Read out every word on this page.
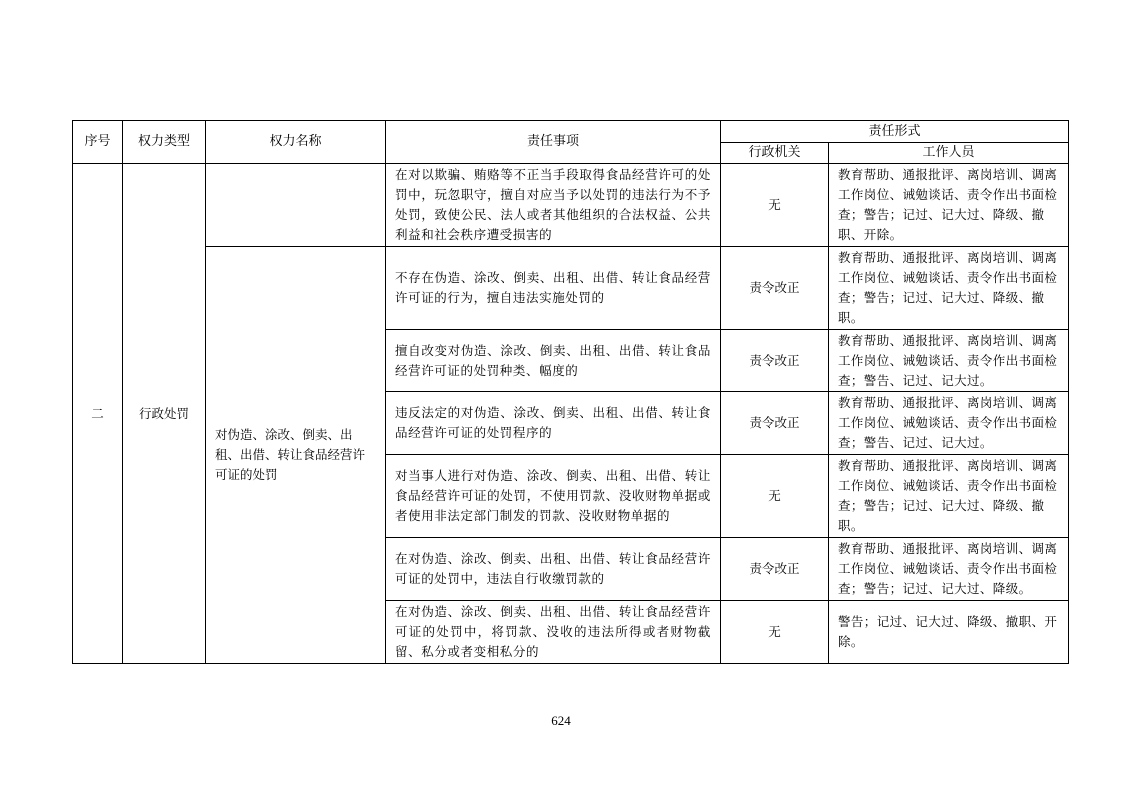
序号	权力类型	权力名称	责任事项	责任形式	
				行政机关	工作人员
二	行政处罚		在对以欺骗、贿赂等不正当手段取得食品经营许可的处罚中，玩忽职守，擅自对应当予以处罚的违法行为不予处罚，致使公民、法人或者其他组织的合法权益、公共利益和社会秩序遭受损害的	无	教育帮助、通报批评、离岗培训、调离工作岗位、诫勉谈话、责令作出书面检查；警告；记过、记大过、降级、撤职、开除。
		对伪造、涂改、倒卖、出租、出借、转让食品经营许可证的处罚	不存在伪造、涂改、倒卖、出租、出借、转让食品经营许可证的行为，擅自违法实施处罚的	责令改正	教育帮助、通报批评、离岗培训、调离工作岗位、诫勉谈话、责令作出书面检查；警告；记过、记大过、降级、撤职。
			擅自改变对伪造、涂改、倒卖、出租、出借、转让食品经营许可证的处罚种类、幅度的	责令改正	教育帮助、通报批评、离岗培训、调离工作岗位、诫勉谈话、责令作出书面检查；警告、记过、记大过。
			违反法定的对伪造、涂改、倒卖、出租、出借、转让食品经营许可证的处罚程序的	责令改正	教育帮助、通报批评、离岗培训、调离工作岗位、诫勉谈话、责令作出书面检查；警告、记过、记大过。
			对当事人进行对伪造、涂改、倒卖、出租、出借、转让食品经营许可证的处罚，不使用罚款、没收财物单据或者使用非法定部门制发的罚款、没收财物单据的	无	教育帮助、通报批评、离岗培训、调离工作岗位、诫勉谈话、责令作出书面检查；警告；记过、记大过、降级、撤职。
			在对伪造、涂改、倒卖、出租、出借、转让食品经营许可证的处罚中，违法自行收缴罚款的	责令改正	教育帮助、通报批评、离岗培训、调离工作岗位、诫勉谈话、责令作出书面检查；警告；记过、记大过、降级。
			在对伪造、涂改、倒卖、出租、出借、转让食品经营许可证的处罚中，将罚款、没收的违法所得或者财物截留、私分或者变相私分的	无	警告；记过、记大过、降级、撤职、开除。
624
